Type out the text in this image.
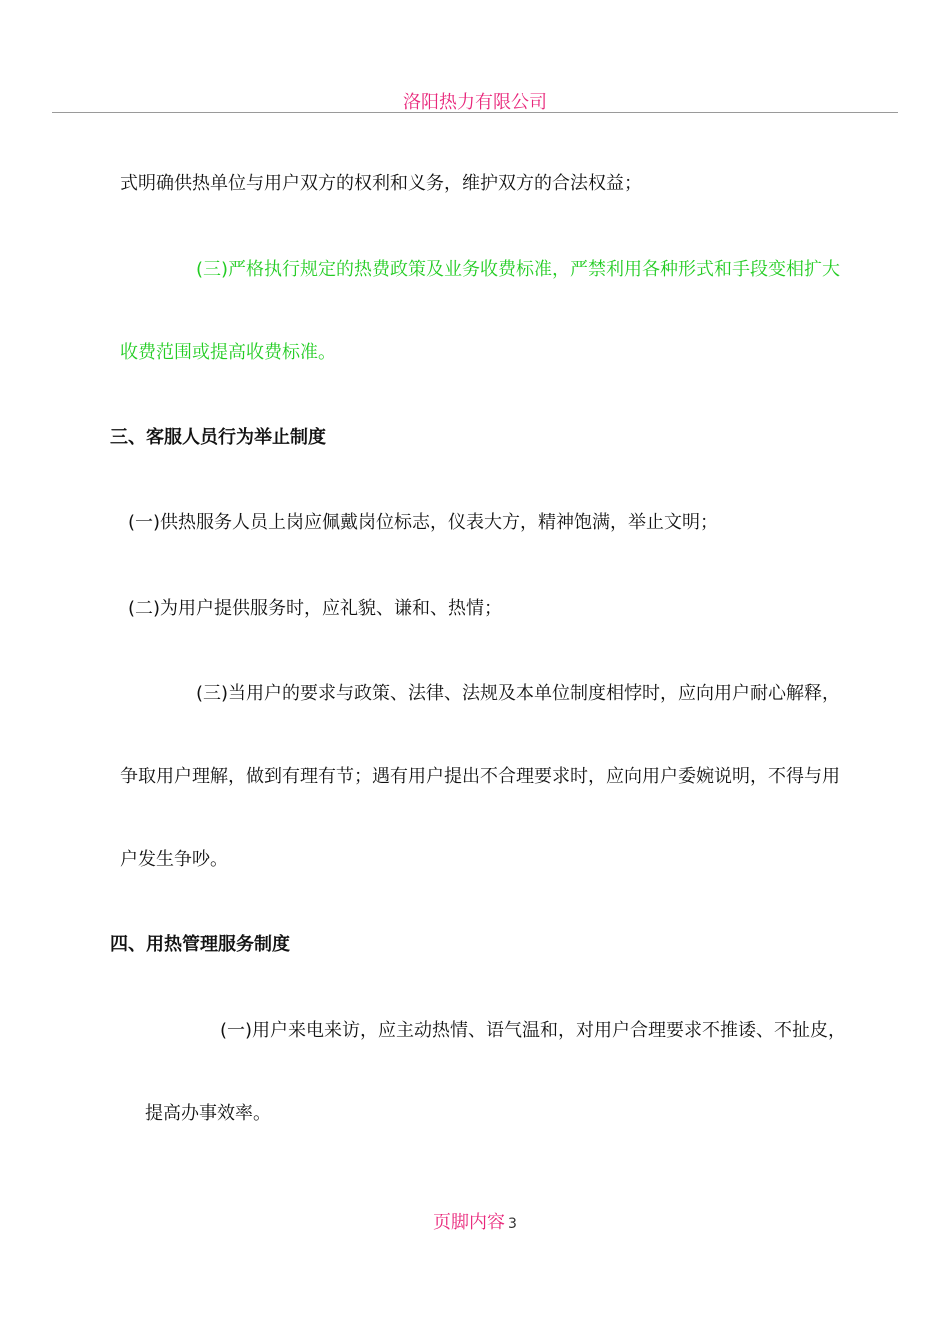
洛阳热力有限公司
式明确供热单位与用户双方的权利和义务，维护双方的合法权益；
(三)严格执行规定的热费政策及业务收费标准，严禁利用各种形式和手段变相扩大
收费范围或提高收费标准。
三、客服人员行为举止制度
(一)供热服务人员上岗应佩戴岗位标志，仪表大方，精神饱满，举止文明；
(二)为用户提供服务时，应礼貌、谦和、热情；
(三)当用户的要求与政策、法律、法规及本单位制度相悖时，应向用户耐心解释，
争取用户理解，做到有理有节；遇有用户提出不合理要求时，应向用户委婉说明，不得与用
户发生争吵。
四、用热管理服务制度
(一)用户来电来访，应主动热情、语气温和，对用户合理要求不推诿、不扯皮，
提高办事效率。
页脚内容 3
